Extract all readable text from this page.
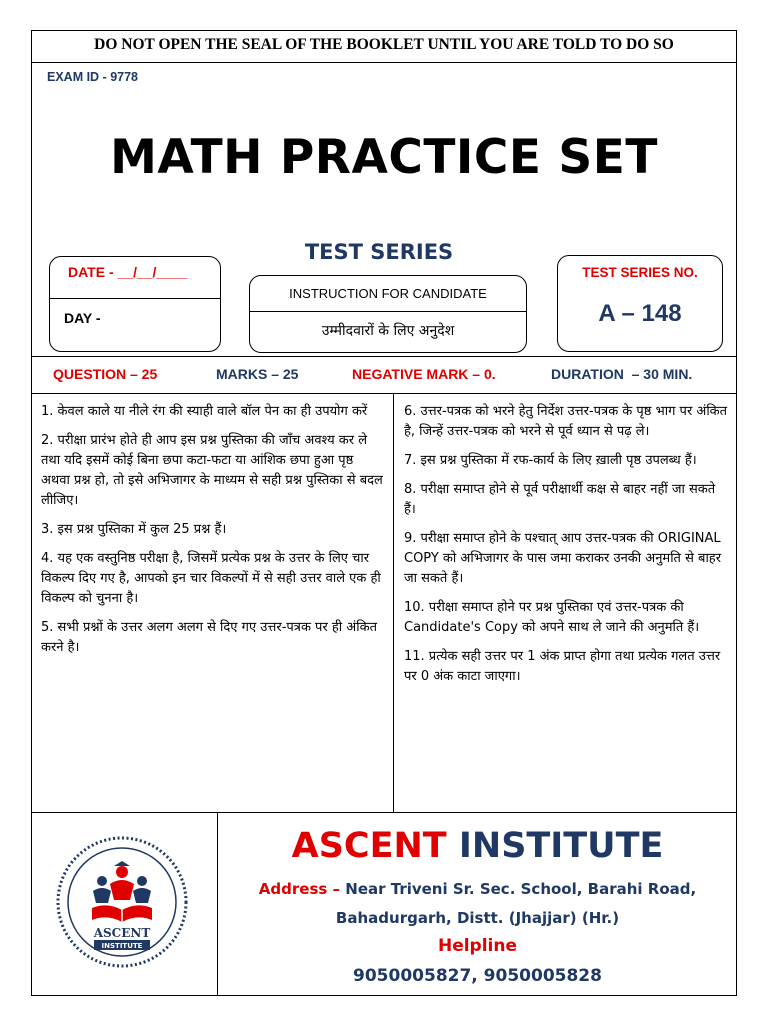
DO NOT OPEN THE SEAL OF THE BOOKLET UNTIL YOU ARE TOLD TO DO SO
EXAM ID - 9778
MATH PRACTICE SET
TEST SERIES
DATE - __/__/____
DAY -
INSTRUCTION FOR CANDIDATE
उम्मीदवारों के लिए अनुदेश
TEST SERIES NO.
A – 148
QUESTION – 25	MARKS – 25	NEGATIVE MARK – 0.	DURATION  – 30 MIN.

1. केवल काले या नीले रंग की स्याही वाले बॉल पेन का ही उपयोग करें

2. परीक्षा प्रारंभ होते ही आप इस प्रश्न पुस्तिका की जाँच अवश्य कर ले तथा यदि इसमें कोई बिना छपा कटा-फटा या आंशिक छपा हुआ पृष्ठ अथवा प्रश्न हो, तो इसे अभिजागर के माध्यम से सही प्रश्न पुस्तिका से बदल लीजिए।

3. इस प्रश्न पुस्तिका में कुल 25 प्रश्न हैं।

4. यह एक वस्तुनिष्ठ परीक्षा है, जिसमें प्रत्येक प्रश्न के उत्तर के लिए चार विकल्प दिए गए है, आपको इन चार विकल्पों में से सही उत्तर वाले एक ही विकल्प को चुनना है।

5. सभी प्रश्नों के उत्तर अलग अलग से दिए गए उत्तर-पत्रक पर ही अंकित करने है।

6. उत्तर-पत्रक को भरने हेतु निर्देश उत्तर-पत्रक के पृष्ठ भाग पर अंकित है, जिन्हें उत्तर-पत्रक को भरने से पूर्व ध्यान से पढ़ ले।

7. इस प्रश्न पुस्तिका में रफ-कार्य के लिए ख़ाली पृष्ठ उपलब्ध हैं।

8. परीक्षा समाप्त होने से पूर्व परीक्षार्थी कक्ष से बाहर नहीं जा सकते हैं।

9. परीक्षा समाप्त होने के पश्चात् आप उत्तर-पत्रक की ORIGINAL COPY को अभिजागर के पास जमा कराकर उनकी अनुमति से बाहर जा सकते हैं।

10. परीक्षा समाप्त होने पर प्रश्न पुस्तिका एवं उत्तर-पत्रक की Candidate's Copy को अपने साथ ले जाने की अनुमति हैं।

11. प्रत्येक सही उत्तर पर 1 अंक प्राप्त होगा तथा प्रत्येक गलत उत्तर पर 0 अंक काटा जाएगा।

ASCENT
INSTITUTE
ASCENT INSTITUTE
Address – Near Triveni Sr. Sec. School, Barahi Road,
Bahadurgarh, Distt. (Jhajjar) (Hr.)
Helpline
9050005827, 9050005828
